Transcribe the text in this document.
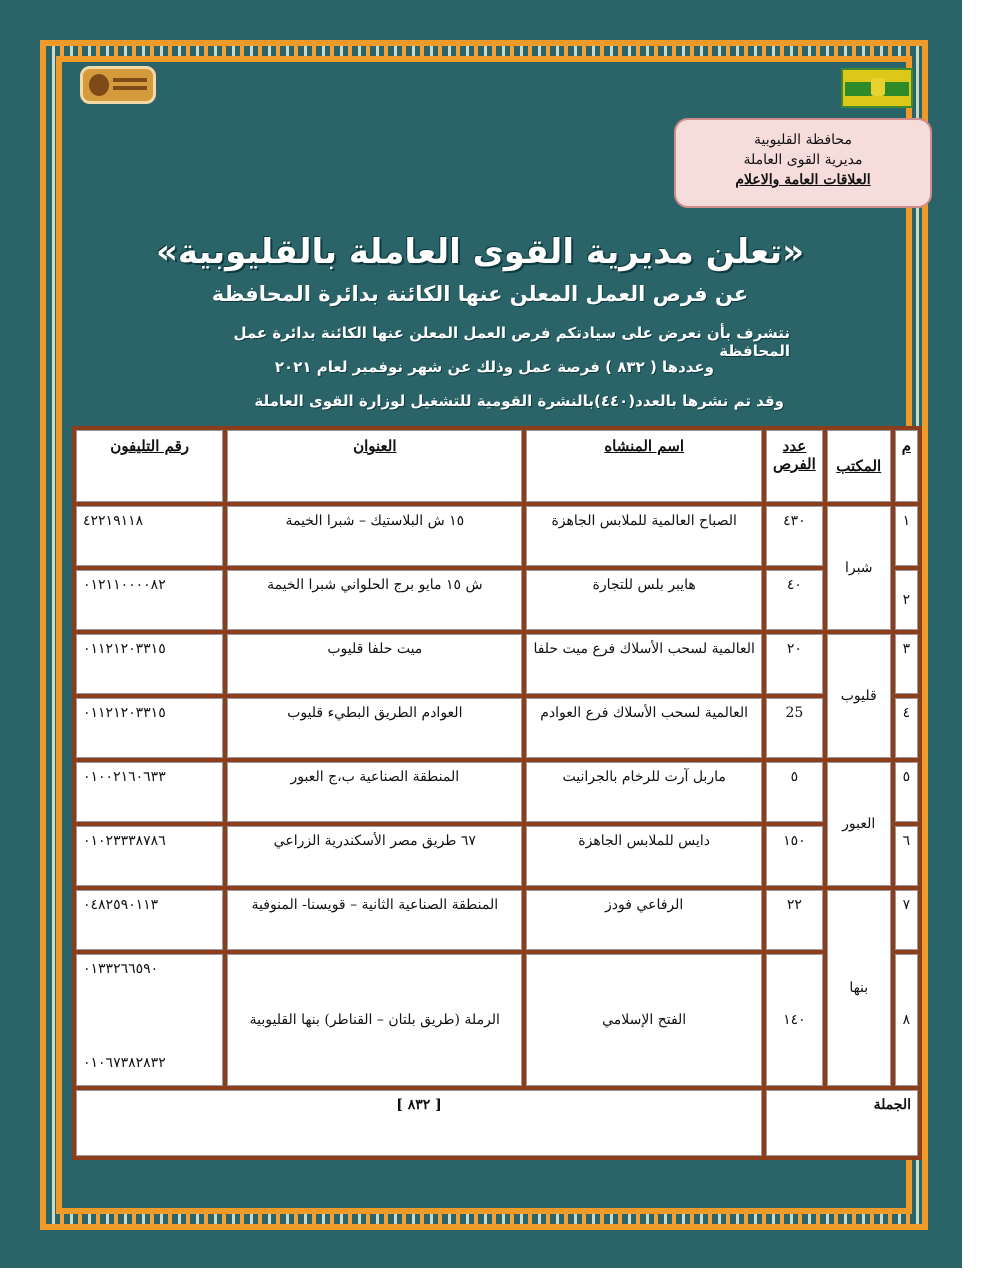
محافظة القليوبية
مديرية القوى العاملة
العلاقات العامة والاعلام
«تعلن مديرية القوى العاملة بالقليوبية»
عن فرص العمل المعلن عنها الكائنة بدائرة المحافظة
نتشرف بأن نعرض على سيادتكم فرص العمل المعلن عنها الكائنة بدائرة عمل المحافظة
وعددها ( ٨٣٢ ) فرصة عمل وذلك عن شهر نوفمبر لعام ٢٠٢١
وقد تم نشرها بالعدد(٤٤٠)بالنشرة القومية للتشغيل لوزارة القوى العاملة
م	المكتب	عدد الفرص	اسم المنشاه	العنوان	رقم التليفون
١	شبرا	٤٣٠	الصباح العالمية للملابس الجاهزة	١٥ ش البلاستيك – شبرا الخيمة	٤٢٢١٩١١٨
٢		٤٠	هايبر بلس للتجارة	ش ١٥ مايو برج الحلواني شبرا الخيمة	٠١٢١١٠٠٠٠٨٢
٣	قليوب	٢٠	العالمية لسحب الأسلاك فرع ميت حلفا	ميت حلفا قليوب	٠١١٢١٢٠٣٣١٥
٤		25	العالمية لسحب الأسلاك فرع العوادم	العوادم الطريق البطيء قليوب	٠١١٢١٢٠٣٣١٥
٥	العبور	٥	ماربل آرت للرخام بالجرانيت	المنطقة الصناعية ب،ج العبور	٠١٠٠٢١٦٠٦٣٣
٦		١٥٠	دايس للملابس الجاهزة	٦٧ طريق مصر الأسكندرية الزراعي	٠١٠٢٣٣٣٨٧٨٦
٧	بنها	٢٢	الرفاعي فودز	المنطقة الصناعية الثانية – قويسنا- المنوفية	٠٤٨٢٥٩٠١١٣
٨		١٤٠	الفتح الإسلامي	الرملة (طريق بلتان – القناطر) بنها القليوبية	٠١٣٣٢٦٦٥٩٠
٠١٠٦٧٣٨٢٨٣٢

الجملة			[ ٨٣٢ ]		
